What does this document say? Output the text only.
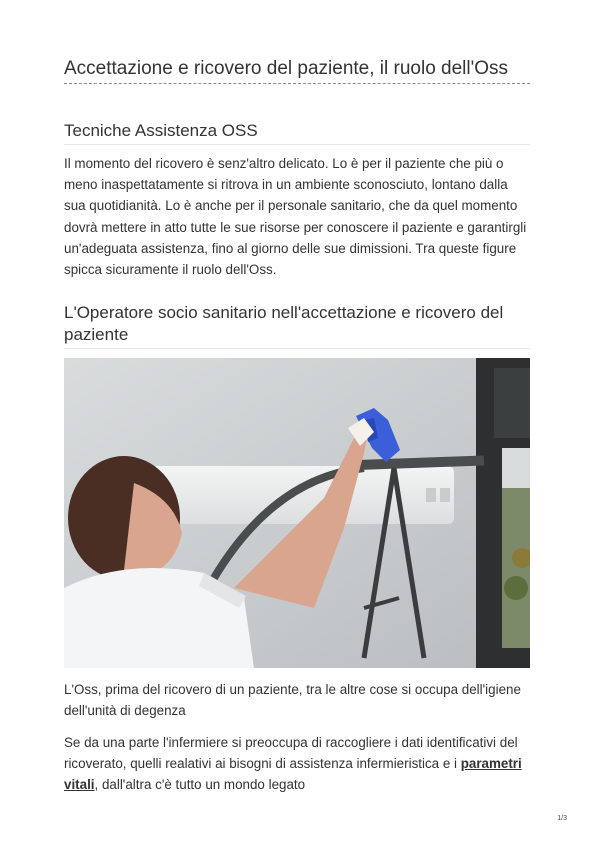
Accettazione e ricovero del paziente, il ruolo dell'Oss
Tecniche Assistenza OSS

Il momento del ricovero è senz'altro delicato. Lo è per il paziente che più o meno inaspettatamente si ritrova in un ambiente sconosciuto, lontano dalla sua quotidianità. Lo è anche per il personale sanitario, che da quel momento dovrà mettere in atto tutte le sue risorse per conoscere il paziente e garantirgli un'adeguata assistenza, fino al giorno delle sue dimissioni. Tra queste figure spicca sicuramente il ruolo dell'Oss.

L'Operatore socio sanitario nell'accettazione e ricovero del paziente

L'Oss, prima del ricovero di un paziente, tra le altre cose si occupa dell'igiene dell'unità di degenza

Se da una parte l'infermiere si preoccupa di raccogliere i dati identificativi del ricoverato, quelli realativi ai bisogni di assistenza infermieristica e i parametri vitali, dall'altra c'è tutto un mondo legato

1/3
